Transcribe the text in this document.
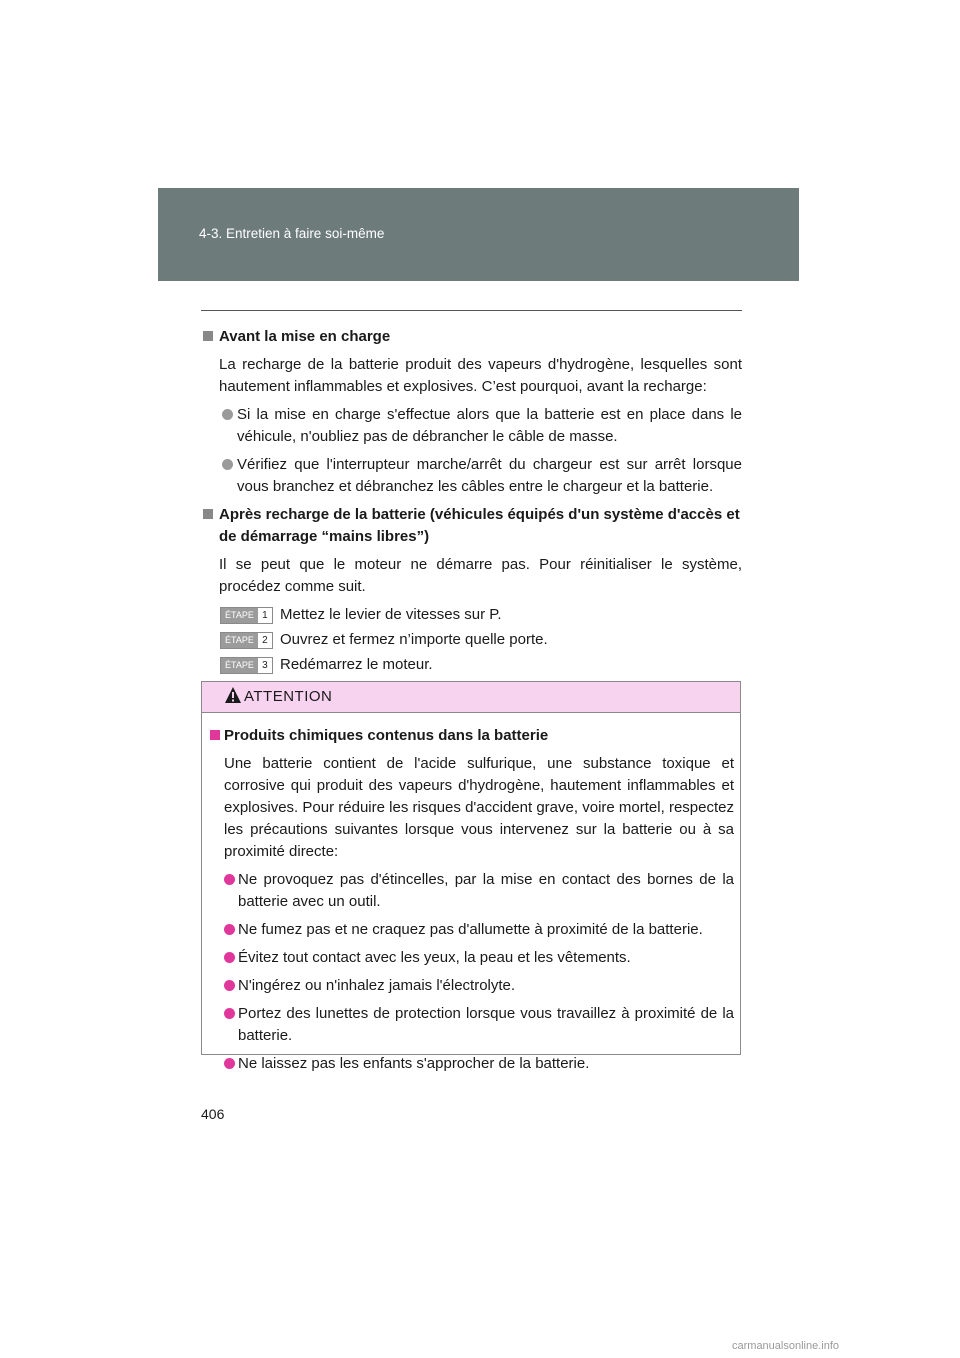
4-3. Entretien à faire soi-même
Avant la mise en charge
La recharge de la batterie produit des vapeurs d'hydrogène, lesquelles sont hautement inflammables et explosives. C’est pourquoi, avant la recharge:
Si la mise en charge s'effectue alors que la batterie est en place dans le véhicule, n'oubliez pas de débrancher le câble de masse.
Vérifiez que l'interrupteur marche/arrêt du chargeur est sur arrêt lorsque vous branchez et débranchez les câbles entre le chargeur et la batterie.
Après recharge de la batterie (véhicules équipés d'un système d'accès et de démarrage “mains libres”)
Il se peut que le moteur ne démarre pas. Pour réinitialiser le système, procédez comme suit.
ÉTAPE 1 Mettez le levier de vitesses sur P.
ÉTAPE 2 Ouvrez et fermez n’importe quelle porte.
ÉTAPE 3 Redémarrez le moteur.
ATTENTION
Produits chimiques contenus dans la batterie
Une batterie contient de l'acide sulfurique, une substance toxique et corrosive qui produit des vapeurs d'hydrogène, hautement inflammables et explosives. Pour réduire les risques d'accident grave, voire mortel, respectez les précautions suivantes lorsque vous intervenez sur la batterie ou à sa proximité directe:
Ne provoquez pas d'étincelles, par la mise en contact des bornes de la batterie avec un outil.
Ne fumez pas et ne craquez pas d'allumette à proximité de la batterie.
Évitez tout contact avec les yeux, la peau et les vêtements.
N'ingérez ou n'inhalez jamais l'électrolyte.
Portez des lunettes de protection lorsque vous travaillez à proximité de la batterie.
Ne laissez pas les enfants s'approcher de la batterie.
406
carmanualsonline.info
